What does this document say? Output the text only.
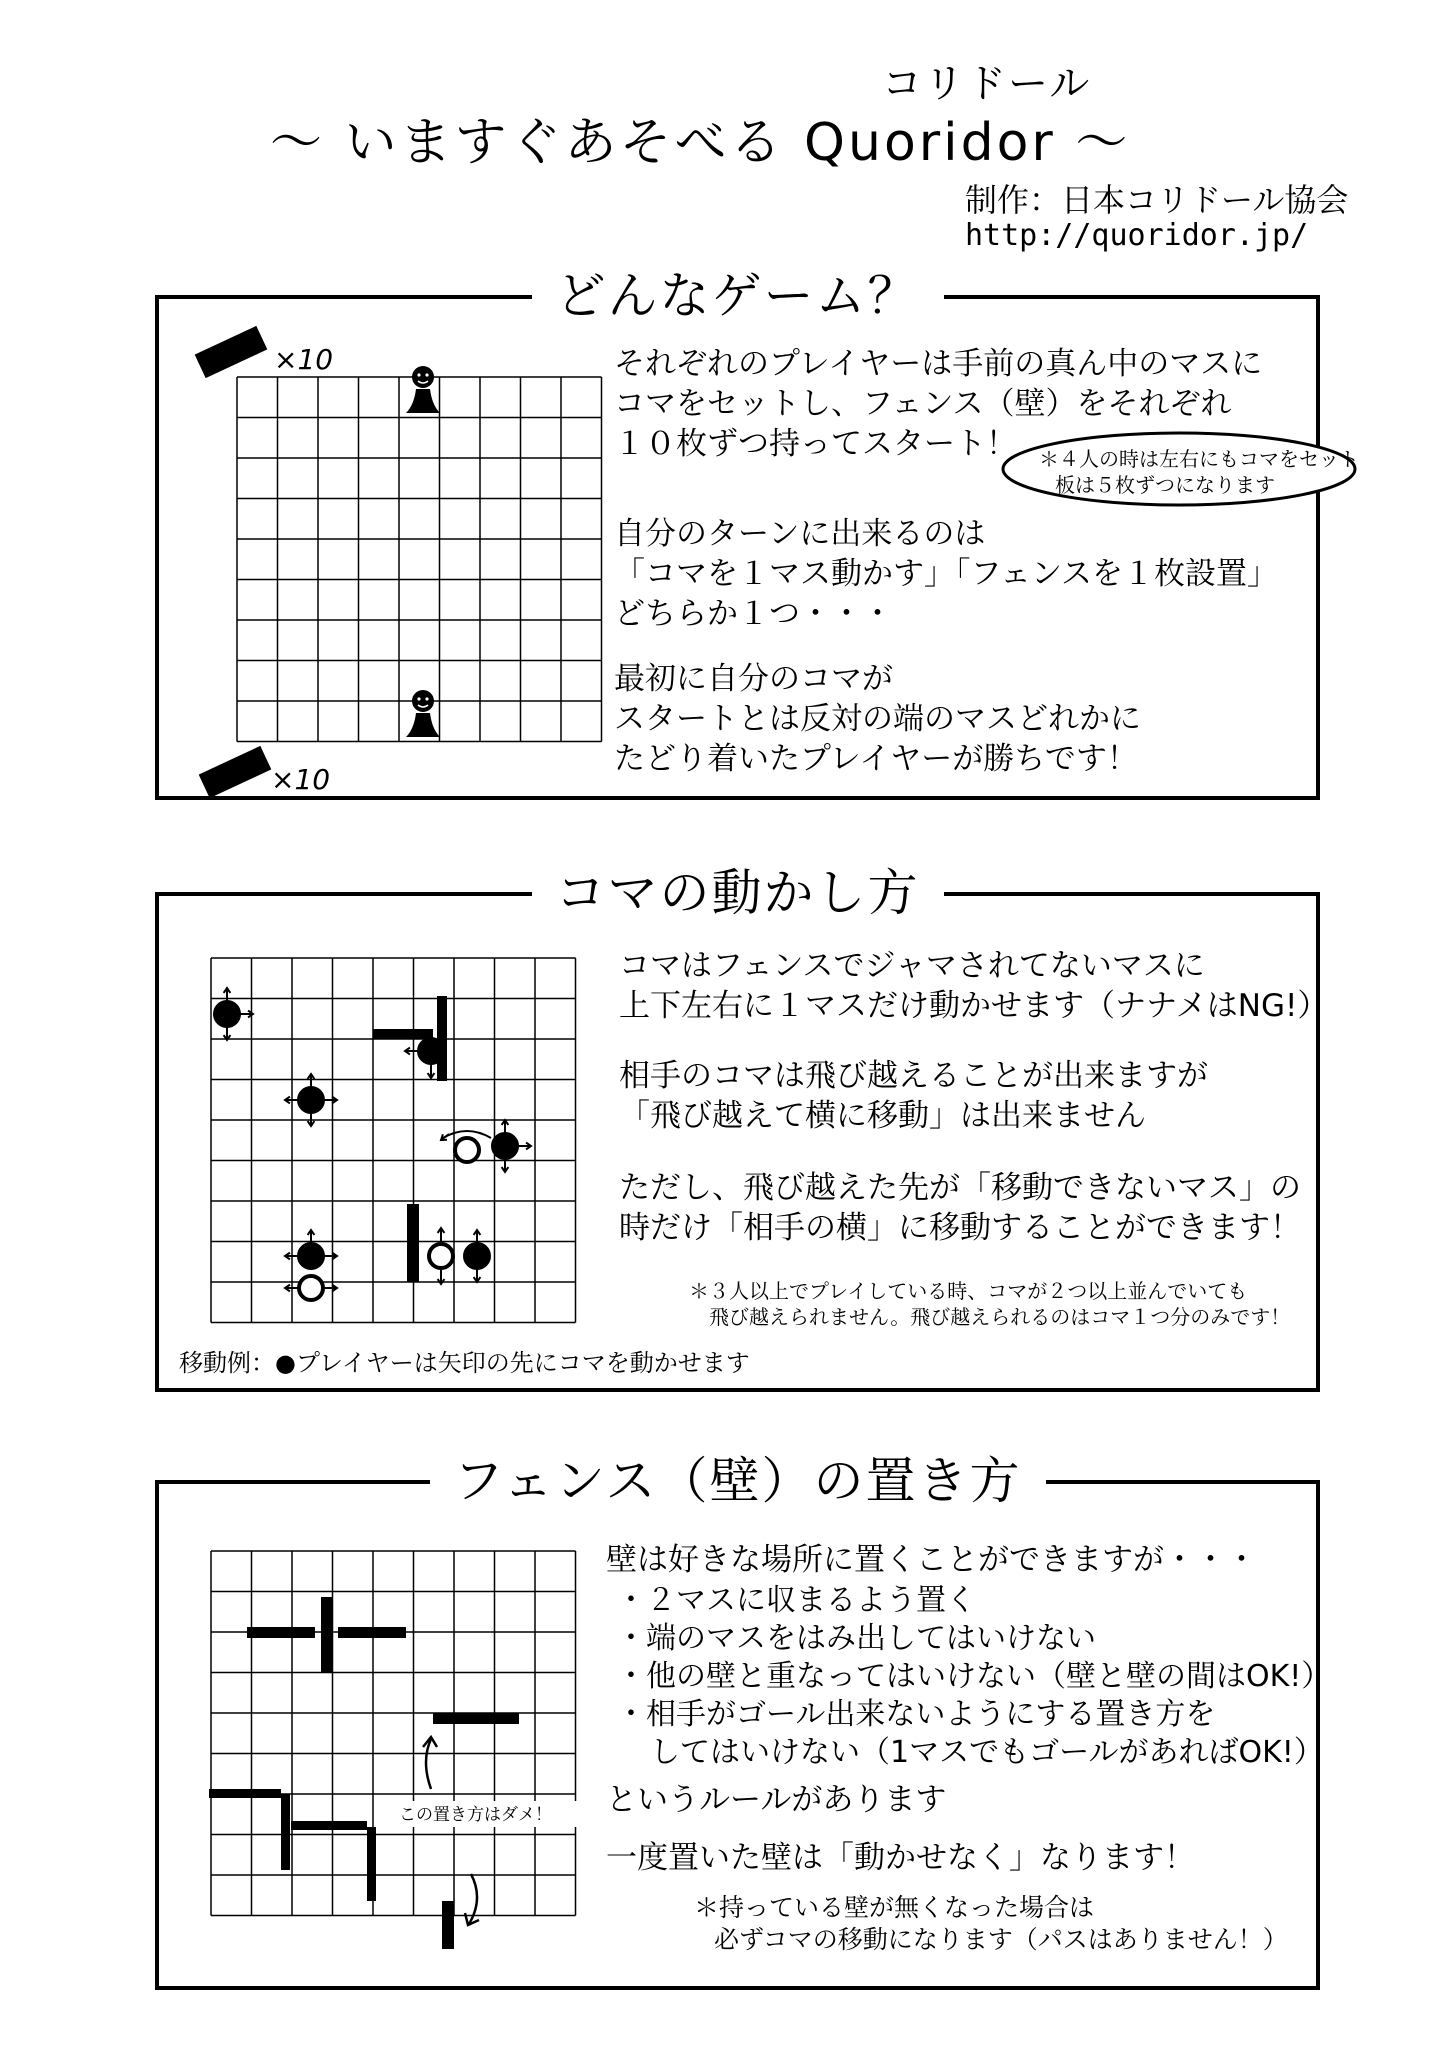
コリドール
～ いますぐあそべる Quoridor ～
制作：日本コリドール協会
http://quoridor.jp/
どんなゲーム？
×10
×10
それぞれのプレイヤーは手前の真ん中のマスに
コマをセットし、フェンス（壁）をそれぞれ
１０枚ずつ持ってスタート！	＊４人の時は左右にもコマをセット
板は５枚ずつになります
自分のターンに出来るのは
「コマを１マス動かす」「フェンスを１枚設置」
どちらか１つ・・・
最初に自分のコマが
スタートとは反対の端のマスどれかに
たどり着いたプレイヤーが勝ちです！
コマの動かし方
コマはフェンスでジャマされてないマスに
上下左右に１マスだけ動かせます（ナナメはNG!）
相手のコマは飛び越えることが出来ますが
「飛び越えて横に移動」は出来ません
ただし、飛び越えた先が「移動できないマス」の
時だけ「相手の横」に移動することができます！
＊３人以上でプレイしている時、コマが２つ以上並んでいても
飛び越えられません。飛び越えられるのはコマ１つ分のみです！
移動例：●プレイヤーは矢印の先にコマを動かせます
フェンス（壁）の置き方
この置き方はダメ！
壁は好きな場所に置くことができますが・・・
・２マスに収まるよう置く
・端のマスをはみ出してはいけない
・他の壁と重なってはいけない（壁と壁の間はOK!）
・相手がゴール出来ないようにする置き方を
してはいけない（1マスでもゴールがあればOK!）
というルールがあります
一度置いた壁は「動かせなく」なります！
＊持っている壁が無くなった場合は
必ずコマの移動になります（パスはありません！）
